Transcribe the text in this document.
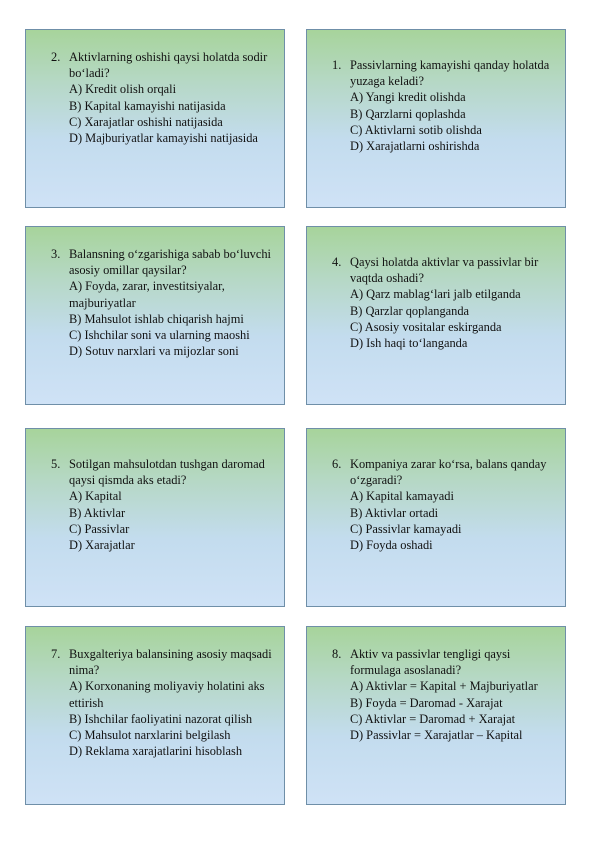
2. Aktivlarning oshishi qaysi holatda sodir bo‘ladi?
A) Kredit olish orqali
B) Kapital kamayishi natijasida
C) Xarajatlar oshishi natijasida
D) Majburiyatlar kamayishi natijasida
1. Passivlarning kamayishi qanday holatda yuzaga keladi?
A) Yangi kredit olishda
B) Qarzlarni qoplashda
C) Aktivlarni sotib olishda
D) Xarajatlarni oshirishda
3. Balansning o‘zgarishiga sabab bo‘luvchi asosiy omillar qaysilar?
A) Foyda, zarar, investitsiyalar, majburiyatlar
B) Mahsulot ishlab chiqarish hajmi
C) Ishchilar soni va ularning maoshi
D) Sotuv narxlari va mijozlar soni
4. Qaysi holatda aktivlar va passivlar bir vaqtda oshadi?
A) Qarz mablag‘lari jalb etilganda
B) Qarzlar qoplanganda
C) Asosiy vositalar eskirganda
D) Ish haqi to‘langanda
5. Sotilgan mahsulotdan tushgan daromad qaysi qismda aks etadi?
A) Kapital
B) Aktivlar
C) Passivlar
D) Xarajatlar
6. Kompaniya zarar ko‘rsa, balans qanday o‘zgaradi?
A) Kapital kamayadi
B) Aktivlar ortadi
C) Passivlar kamayadi
D) Foyda oshadi
7. Buxgalteriya balansining asosiy maqsadi nima?
A) Korxonaning moliyaviy holatini aks ettirish
B) Ishchilar faoliyatini nazorat qilish
C) Mahsulot narxlarini belgilash
D) Reklama xarajatlarini hisoblash
8. Aktiv va passivlar tengligi qaysi formulaga asoslanadi?
A) Aktivlar = Kapital + Majburiyatlar
B) Foyda = Daromad - Xarajat
C) Aktivlar = Daromad + Xarajat
D) Passivlar = Xarajatlar – Kapital
